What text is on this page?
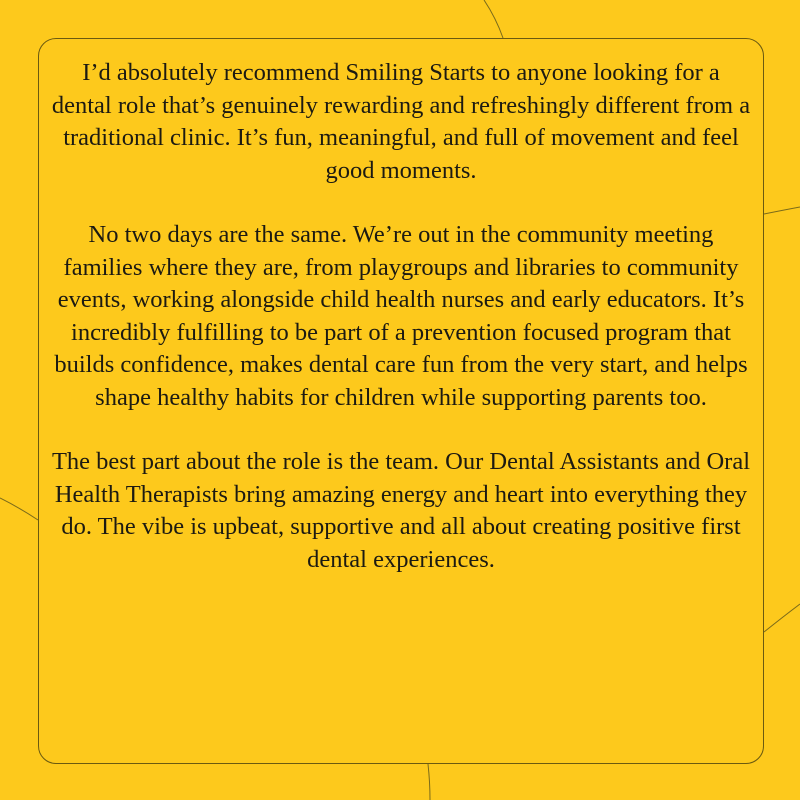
I’d absolutely recommend Smiling Starts to anyone looking for a dental role that’s genuinely rewarding and refreshingly different from a traditional clinic. It’s fun, meaningful, and full of movement and feel good moments.

No two days are the same. We’re out in the community meeting families where they are, from playgroups and libraries to community events, working alongside child health nurses and early educators. It’s incredibly fulfilling to be part of a prevention focused program that builds confidence, makes dental care fun from the very start, and helps shape healthy habits for children while supporting parents too.

The best part about the role is the team. Our Dental Assistants and Oral Health Therapists bring amazing energy and heart into everything they do. The vibe is upbeat, supportive and all about creating positive first dental experiences.
